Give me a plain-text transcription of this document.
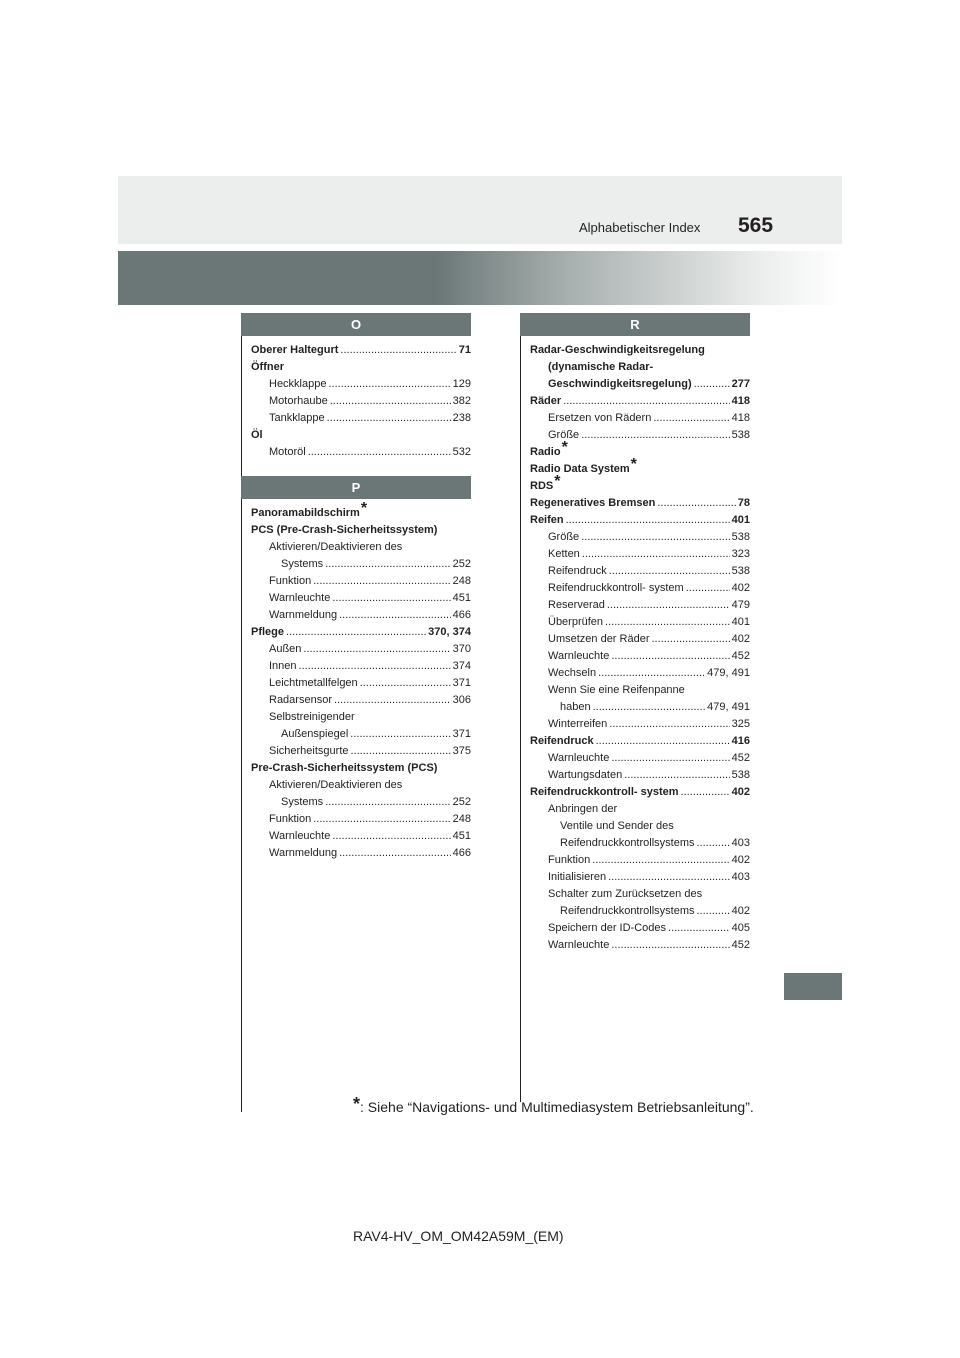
565

Alphabetischer Index

O
Oberer Haltegurt .....	71
Öffner
Heckklappe .....	129
Motorhaube .....	382
Tankklappe .....	238
Öl
Motoröl .....	532
P
Panoramabildschirm*
PCS (Pre-Crash-Sicherheitssystem)
Aktivieren/Deaktivieren des
Systems .....	252
Funktion .....	248
Warnleuchte .....	451
Warnmeldung .....	466
Pflege .....	370, 374
Außen .....	370
Innen .....	374
Leichtmetallfelgen .....	371
Radarsensor .....	306
Selbstreinigender
Außenspiegel .....	371
Sicherheitsgurte .....	375
Pre-Crash-Sicherheitssystem (PCS)
Aktivieren/Deaktivieren des
Systems .....	252
Funktion .....	248
Warnleuchte .....	451
Warnmeldung .....	466
R
Radar-Geschwindigkeitsregelung
(dynamische Radar-
Geschwindigkeitsregelung) .....	277
Räder .....	418
Ersetzen von Rädern .....	418
Größe .....	538
Radio*
Radio Data System*
RDS*
Regeneratives Bremsen .....	78
Reifen .....	401
Größe .....	538
Ketten .....	323
Reifendruck .....	538
Reifendruckkontroll- system .....	402
Reserverad .....	479
Überprüfen .....	401
Umsetzen der Räder .....	402
Warnleuchte .....	452
Wechseln .....	479, 491
Wenn Sie eine Reifenpanne
haben .....	479, 491
Winterreifen .....	325
Reifendruck .....	416
Warnleuchte .....	452
Wartungsdaten .....	538
Reifendruckkontroll- system .....	402
Anbringen der
Ventile und Sender des
Reifendruckkontrollsystems .....	403
Funktion .....	402
Initialisieren .....	403
Schalter zum Zurücksetzen des
Reifendruckkontrollsystems .....	402
Speichern der ID-Codes .....	405
Warnleuchte .....	452

*: Siehe “Navigations- und Multimediasystem Betriebsanleitung”.

RAV4-HV_OM_OM42A59M_(EM)
